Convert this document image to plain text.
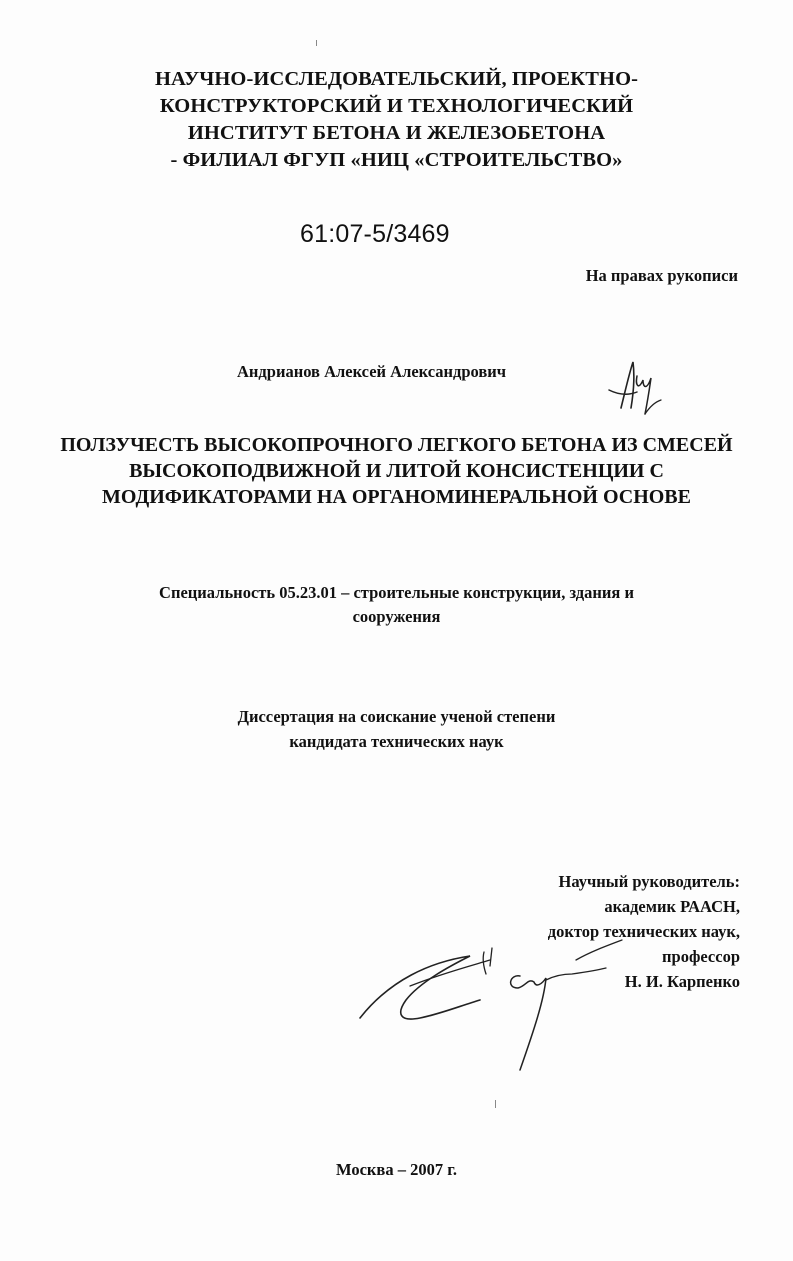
НАУЧНО-ИССЛЕДОВАТЕЛЬСКИЙ, ПРОЕКТНО-
КОНСТРУКТОРСКИЙ И ТЕХНОЛОГИЧЕСКИЙ
ИНСТИТУТ БЕТОНА И ЖЕЛЕЗОБЕТОНА
- ФИЛИАЛ ФГУП «НИЦ «СТРОИТЕЛЬСТВО»
61:07-5/3469
На правах рукописи
Андрианов Алексей Александрович
ПОЛЗУЧЕСТЬ ВЫСОКОПРОЧНОГО ЛЕГКОГО БЕТОНА ИЗ СМЕСЕЙ
ВЫСОКОПОДВИЖНОЙ И ЛИТОЙ КОНСИСТЕНЦИИ С
МОДИФИКАТОРАМИ НА ОРГАНОМИНЕРАЛЬНОЙ ОСНОВЕ
Специальность 05.23.01 – строительные конструкции, здания и
сооружения
Диссертация на соискание ученой степени
кандидата технических наук
Научный руководитель:
академик РААСН,
доктор технических наук,
профессор
Н. И. Карпенко
Москва – 2007 г.
